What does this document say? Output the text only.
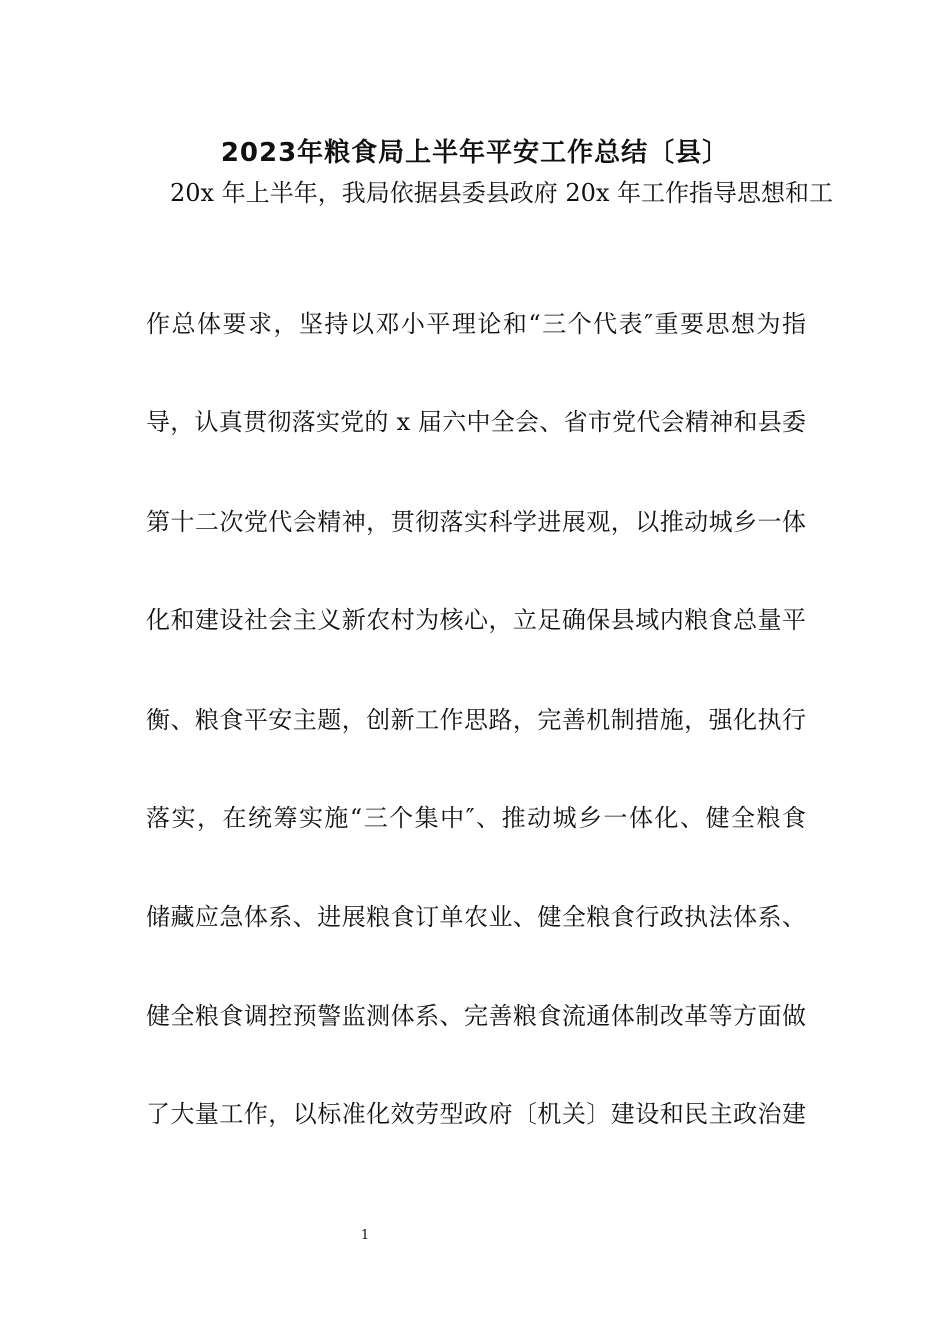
2023年粮食局上半年平安工作总结〔县〕
20x 年上半年，我局依据县委县政府 20x 年工作指导思想和工
作总体要求，坚持以邓小平理论和“三个代表″重要思想为指
导，认真贯彻落实党的 x 届六中全会、省市党代会精神和县委
第十二次党代会精神，贯彻落实科学进展观，以推动城乡一体
化和建设社会主义新农村为核心，立足确保县域内粮食总量平
衡、粮食平安主题，创新工作思路，完善机制措施，强化执行
落实，在统筹实施“三个集中″、推动城乡一体化、健全粮食
储藏应急体系、进展粮食订单农业、健全粮食行政执法体系、
健全粮食调控预警监测体系、完善粮食流通体制改革等方面做
了大量工作，以标准化效劳型政府〔机关〕建设和民主政治建
1
